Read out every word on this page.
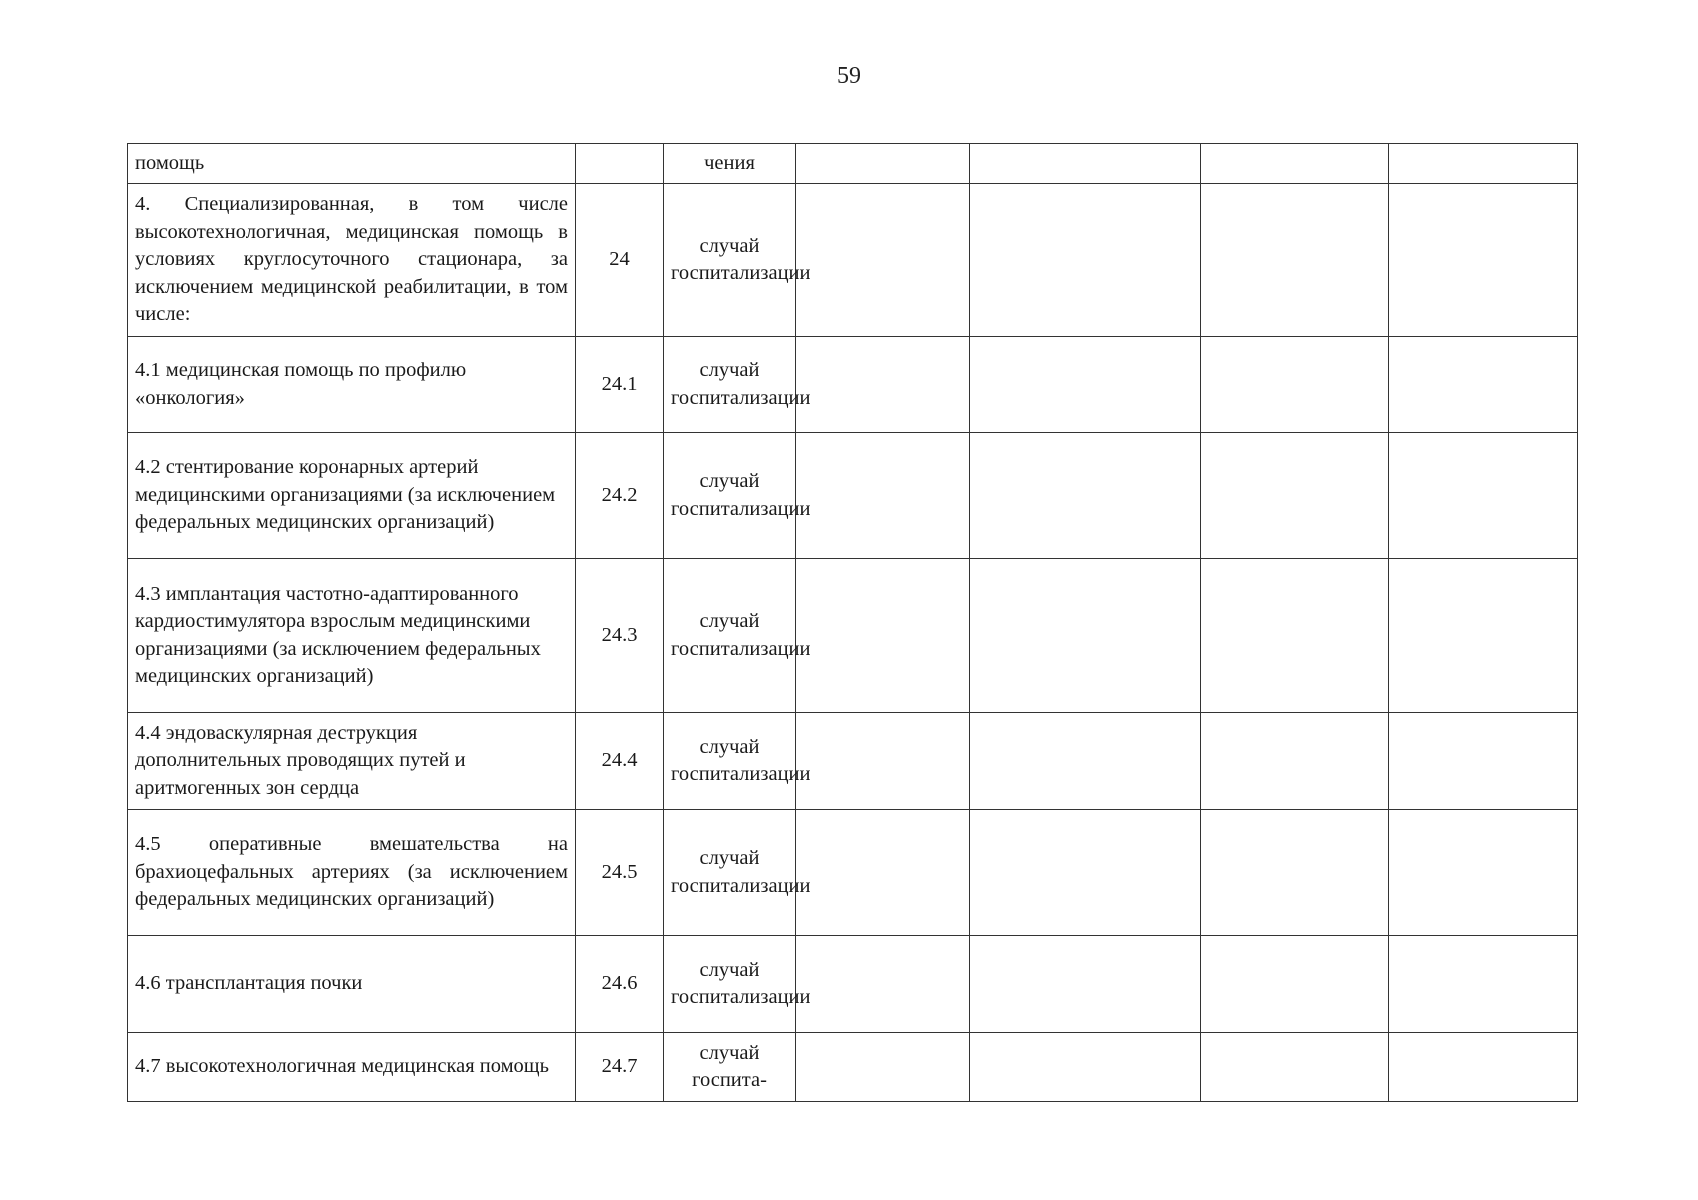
59
помощь		чения				
4. Специализированная, в том числе высокотехнологичная, медицинская помощь в условиях круглосуточного стационара, за исключением медицинской реабилитации, в том числе:	24	случай госпитализации				
4.1 медицинская помощь по профилю «онкология»	24.1	случай госпитализации				
4.2 стентирование коронарных артерий медицинскими организациями (за исключением федеральных медицинских организаций)	24.2	случай госпитализации				
4.3 имплантация частотно-адаптированного кардиостимулятора взрослым медицинскими организациями (за исключением федеральных медицинских организаций)	24.3	случай госпитализации				
4.4 эндоваскулярная деструкция дополнительных проводящих путей и аритмогенных зон сердца	24.4	случай госпитализации				
4.5 оперативные вмешательства на брахиоцефальных артериях (за исключением федеральных медицинских организаций)	24.5	случай госпитализации				
4.6 трансплантация почки	24.6	случай госпитализации				
4.7 высокотехнологичная медицинская помощь	24.7	случай госпита-				
